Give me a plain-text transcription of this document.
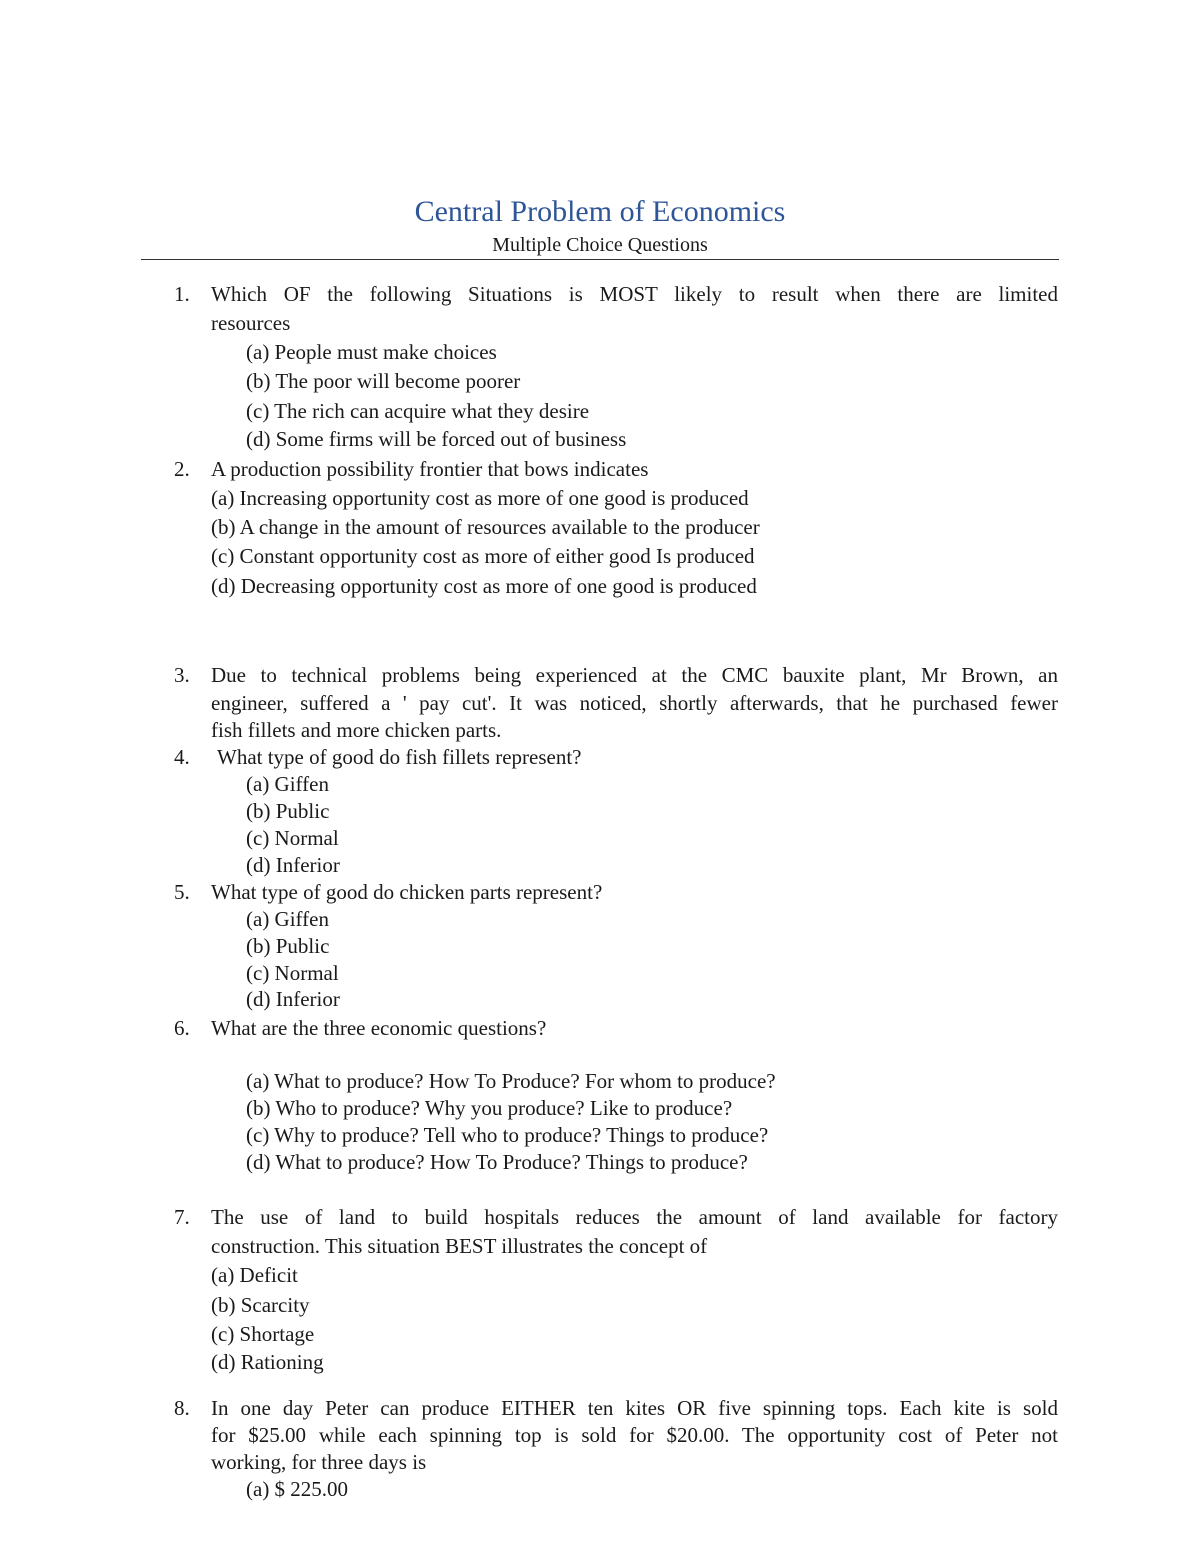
Central Problem of Economics
Multiple Choice Questions
1. Which OF the following Situations is MOST likely to result when there are limited
resources
(a) People must make choices
(b) The poor will become poorer
(c) The rich can acquire what they desire
(d) Some firms will be forced out of business
2. A production possibility frontier that bows indicates
(a) Increasing opportunity cost as more of one good is produced
(b) A change in the amount of resources available to the producer
(c) Constant opportunity cost as more of either good Is produced
(d) Decreasing opportunity cost as more of one good is produced
3. Due to technical problems being experienced at the CMC bauxite plant, Mr Brown, an
engineer, suffered a ' pay cut'. It was noticed, shortly afterwards, that he purchased fewer
fish fillets and more chicken parts.
4. What type of good do fish fillets represent?
(a) Giffen
(b) Public
(c) Normal
(d) Inferior
5. What type of good do chicken parts represent?
(a) Giffen
(b) Public
(c) Normal
(d) Inferior
6. What are the three economic questions?
(a) What to produce? How To Produce? For whom to produce?
(b) Who to produce? Why you produce? Like to produce?
(c) Why to produce? Tell who to produce? Things to produce?
(d) What to produce? How To Produce? Things to produce?
7. The use of land to build hospitals reduces the amount of land available for factory
construction. This situation BEST illustrates the concept of
(a) Deficit
(b) Scarcity
(c) Shortage
(d) Rationing
8. In one day Peter can produce EITHER ten kites OR five spinning tops. Each kite is sold
for $25.00 while each spinning top is sold for $20.00. The opportunity cost of Peter not
working, for three days is
(a) $ 225.00
